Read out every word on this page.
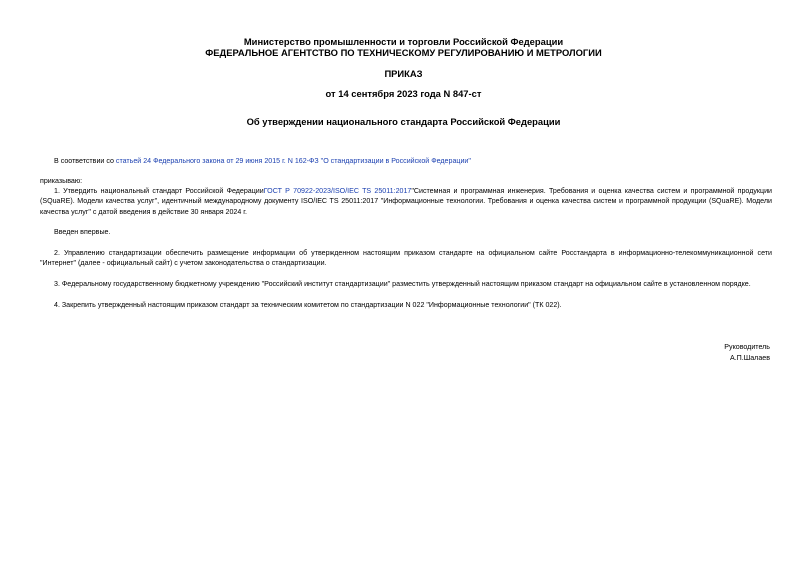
Министерство промышленности и торговли Российской Федерации
ФЕДЕРАЛЬНОЕ АГЕНТСТВО ПО ТЕХНИЧЕСКОМУ РЕГУЛИРОВАНИЮ И МЕТРОЛОГИИ
ПРИКАЗ
от 14 сентября 2023 года N 847-ст
Об утверждении национального стандарта Российской Федерации
В соответствии со статьей 24 Федерального закона от 29 июня 2015 г. N 162-ФЗ "О стандартизации в Российской Федерации"
приказываю:
1. Утвердить национальный стандарт Российской ФедерацииГОСТ Р 70922-2023/ISO/IEC TS 25011:2017"Системная и программная инженерия. Требования и оценка качества систем и программной продукции (SQuaRE). Модели качества услуг", идентичный международному документу ISO/IEC TS 25011:2017 "Информационные технологии. Требования и оценка качества систем и программной продукции (SQuaRE). Модели качества услуг" с датой введения в действие 30 января 2024 г.
Введен впервые.
2. Управлению стандартизации обеспечить размещение информации об утвержденном настоящим приказом стандарте на официальном сайте Росстандарта в информационно-телекоммуникационной сети "Интернет" (далее - официальный сайт) с учетом законодательства о стандартизации.
3. Федеральному государственному бюджетному учреждению "Российский институт стандартизации" разместить утвержденный настоящим приказом стандарт на официальном сайте в установленном порядке.
4. Закрепить утвержденный настоящим приказом стандарт за техническим комитетом по стандартизации N 022 "Информационные технологии" (ТК 022).
Руководитель
А.П.Шалаев
